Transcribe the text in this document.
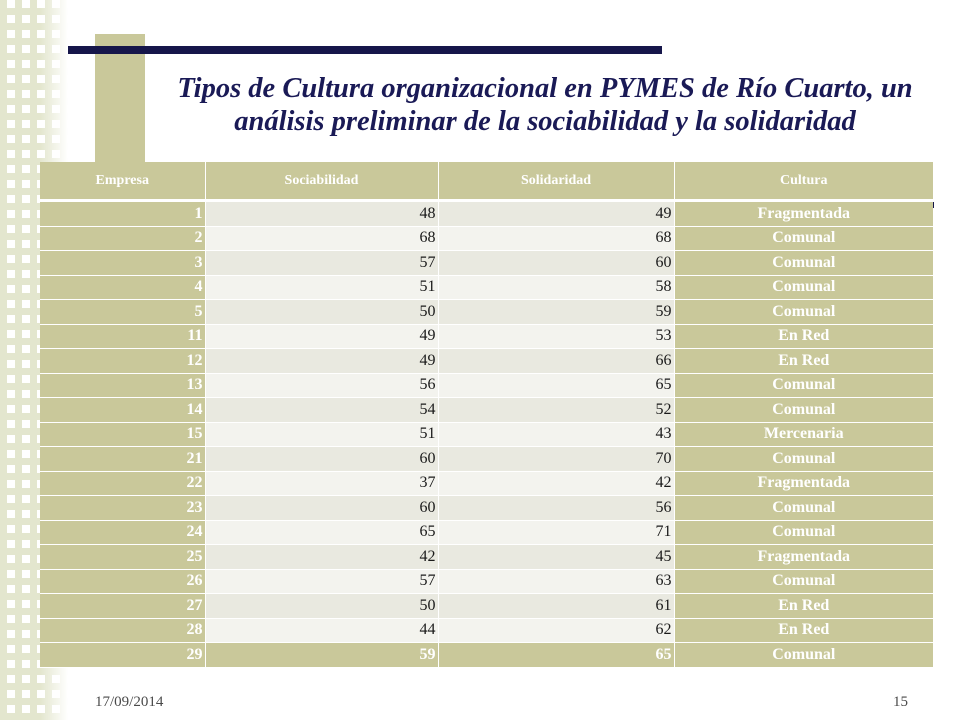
Tipos de Cultura organizacional en PYMES de Río Cuarto, un análisis preliminar de la sociabilidad y la solidaridad
Empresa	Sociabilidad	Solidaridad	Cultura
1	48	49	Fragmentada
2	68	68	Comunal
3	57	60	Comunal
4	51	58	Comunal
5	50	59	Comunal
11	49	53	En Red
12	49	66	En Red
13	56	65	Comunal
14	54	52	Comunal
15	51	43	Mercenaria
21	60	70	Comunal
22	37	42	Fragmentada
23	60	56	Comunal
24	65	71	Comunal
25	42	45	Fragmentada
26	57	63	Comunal
27	50	61	En Red
28	44	62	En Red
29	59	65	Comunal
17/09/2014	15
